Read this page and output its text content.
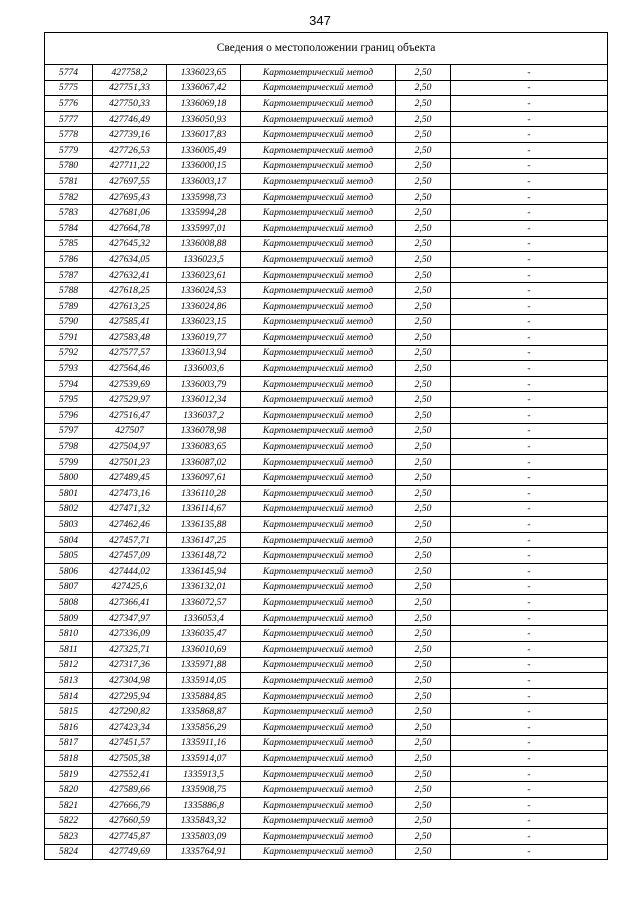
347
Сведения о местоположении границ объекта					
5774	427758,2	1336023,65	Картометрический метод	2,50	-
5775	427751,33	1336067,42	Картометрический метод	2,50	-
5776	427750,33	1336069,18	Картометрический метод	2,50	-
5777	427746,49	1336050,93	Картометрический метод	2,50	-
5778	427739,16	1336017,83	Картометрический метод	2,50	-
5779	427726,53	1336005,49	Картометрический метод	2,50	-
5780	427711,22	1336000,15	Картометрический метод	2,50	-
5781	427697,55	1336003,17	Картометрический метод	2,50	-
5782	427695,43	1335998,73	Картометрический метод	2,50	-
5783	427681,06	1335994,28	Картометрический метод	2,50	-
5784	427664,78	1335997,01	Картометрический метод	2,50	-
5785	427645,32	1336008,88	Картометрический метод	2,50	-
5786	427634,05	1336023,5	Картометрический метод	2,50	-
5787	427632,41	1336023,61	Картометрический метод	2,50	-
5788	427618,25	1336024,53	Картометрический метод	2,50	-
5789	427613,25	1336024,86	Картометрический метод	2,50	-
5790	427585,41	1336023,15	Картометрический метод	2,50	-
5791	427583,48	1336019,77	Картометрический метод	2,50	-
5792	427577,57	1336013,94	Картометрический метод	2,50	-
5793	427564,46	1336003,6	Картометрический метод	2,50	-
5794	427539,69	1336003,79	Картометрический метод	2,50	-
5795	427529,97	1336012,34	Картометрический метод	2,50	-
5796	427516,47	1336037,2	Картометрический метод	2,50	-
5797	427507	1336078,98	Картометрический метод	2,50	-
5798	427504,97	1336083,65	Картометрический метод	2,50	-
5799	427501,23	1336087,02	Картометрический метод	2,50	-
5800	427489,45	1336097,61	Картометрический метод	2,50	-
5801	427473,16	1336110,28	Картометрический метод	2,50	-
5802	427471,32	1336114,67	Картометрический метод	2,50	-
5803	427462,46	1336135,88	Картометрический метод	2,50	-
5804	427457,71	1336147,25	Картометрический метод	2,50	-
5805	427457,09	1336148,72	Картометрический метод	2,50	-
5806	427444,02	1336145,94	Картометрический метод	2,50	-
5807	427425,6	1336132,01	Картометрический метод	2,50	-
5808	427366,41	1336072,57	Картометрический метод	2,50	-
5809	427347,97	1336053,4	Картометрический метод	2,50	-
5810	427336,09	1336035,47	Картометрический метод	2,50	-
5811	427325,71	1336010,69	Картометрический метод	2,50	-
5812	427317,36	1335971,88	Картометрический метод	2,50	-
5813	427304,98	1335914,05	Картометрический метод	2,50	-
5814	427295,94	1335884,85	Картометрический метод	2,50	-
5815	427290,82	1335868,87	Картометрический метод	2,50	-
5816	427423,34	1335856,29	Картометрический метод	2,50	-
5817	427451,57	1335911,16	Картометрический метод	2,50	-
5818	427505,38	1335914,07	Картометрический метод	2,50	-
5819	427552,41	1335913,5	Картометрический метод	2,50	-
5820	427589,66	1335908,75	Картометрический метод	2,50	-
5821	427666,79	1335886,8	Картометрический метод	2,50	-
5822	427660,59	1335843,32	Картометрический метод	2,50	-
5823	427745,87	1335803,09	Картометрический метод	2,50	-
5824	427749,69	1335764,91	Картометрический метод	2,50	-
